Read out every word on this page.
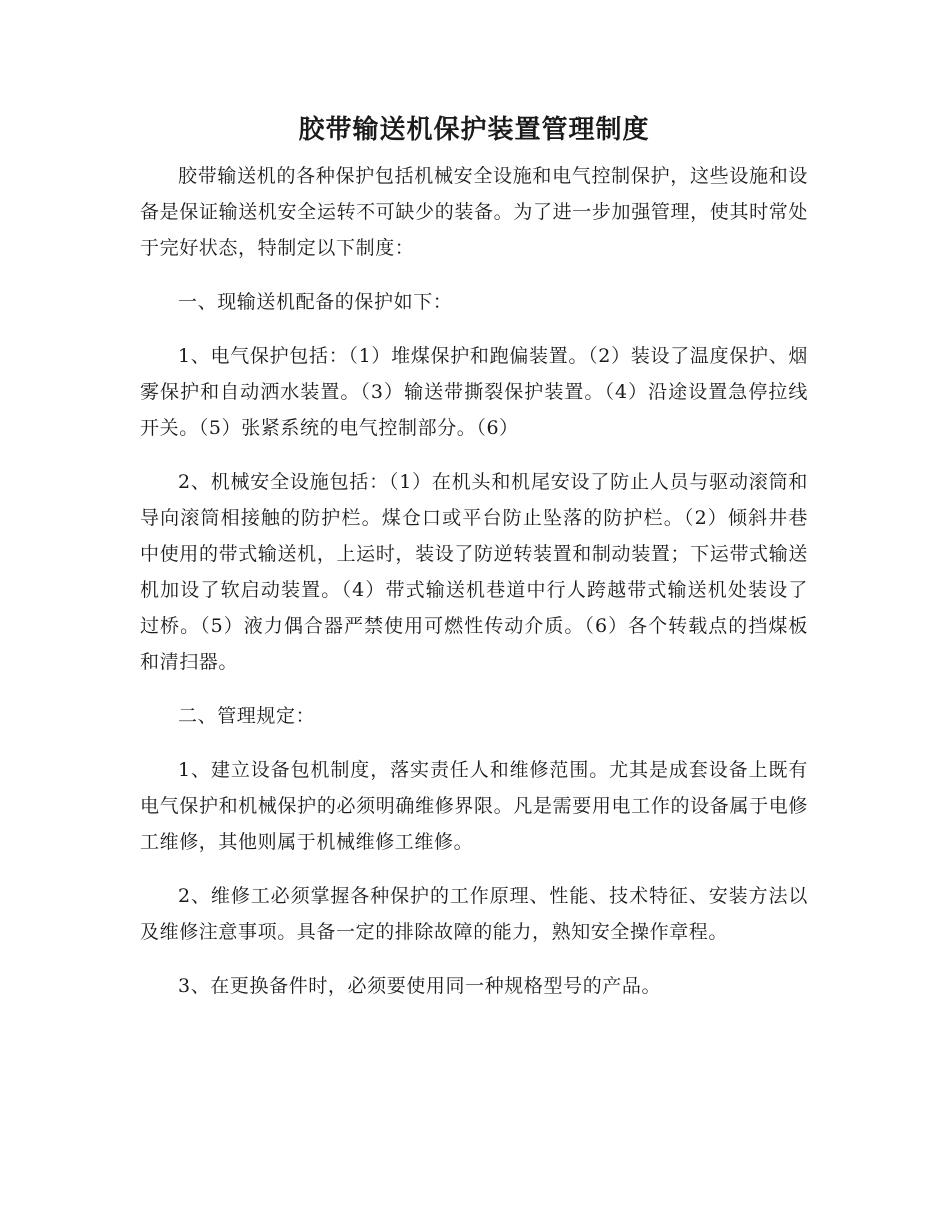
胶带输送机保护装置管理制度

胶带输送机的各种保护包括机械安全设施和电气控制保护，这些设施和设备是保证输送机安全运转不可缺少的装备。为了进一步加强管理，使其时常处于完好状态，特制定以下制度：

一、现输送机配备的保护如下：

1、电气保护包括：（1）堆煤保护和跑偏装置。（2）装设了温度保护、烟雾保护和自动洒水装置。（3）输送带撕裂保护装置。（4）沿途设置急停拉线开关。（5）张紧系统的电气控制部分。（6）

2、机械安全设施包括：（1）在机头和机尾安设了防止人员与驱动滚筒和导向滚筒相接触的防护栏。煤仓口或平台防止坠落的防护栏。（2）倾斜井巷中使用的带式输送机，上运时，装设了防逆转装置和制动装置；下运带式输送机加设了软启动装置。（4）带式输送机巷道中行人跨越带式输送机处装设了过桥。（5）液力偶合器严禁使用可燃性传动介质。（6）各个转载点的挡煤板和清扫器。

二、管理规定：

1、建立设备包机制度，落实责任人和维修范围。尤其是成套设备上既有电气保护和机械保护的必须明确维修界限。凡是需要用电工作的设备属于电修工维修，其他则属于机械维修工维修。

2、维修工必须掌握各种保护的工作原理、性能、技术特征、安装方法以及维修注意事项。具备一定的排除故障的能力，熟知安全操作章程。

3、在更换备件时，必须要使用同一种规格型号的产品。
